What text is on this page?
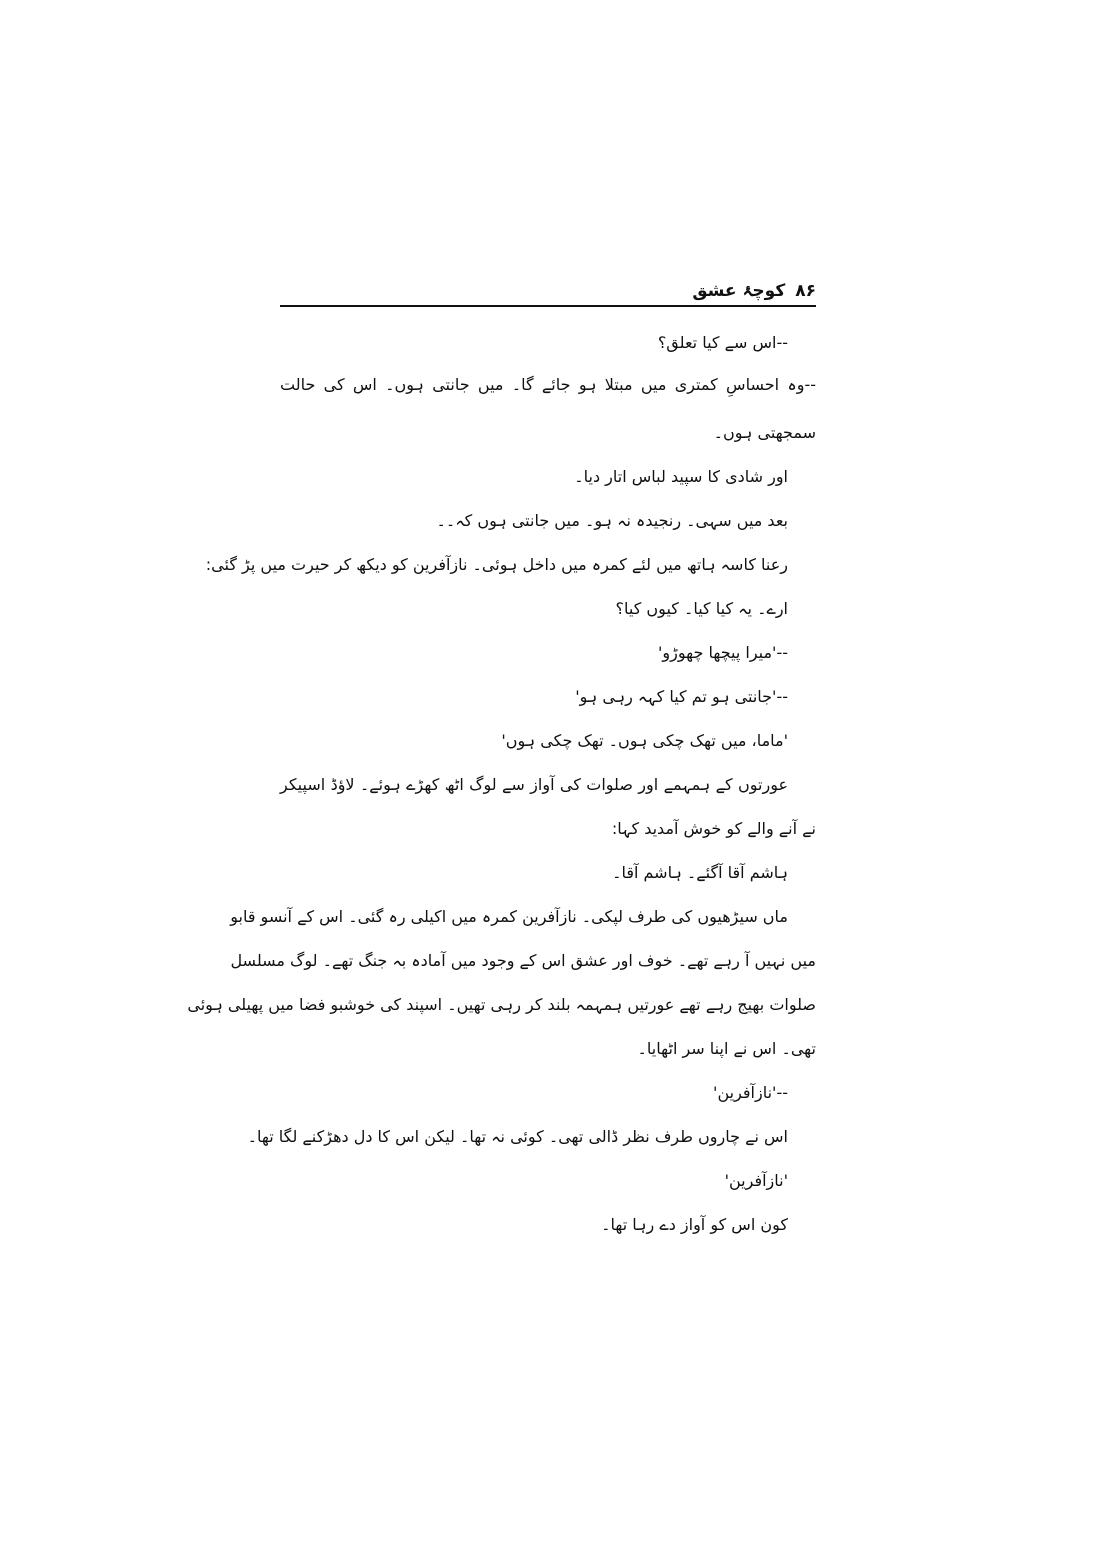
۸۶کوچۂ عشق
--اس سے کیا تعلق؟
--وہ احساسِ کمتری میں مبتلا ہو جائے گا۔ میں جانتی ہوں۔ اس کی حالت
سمجھتی ہوں۔
اور شادی کا سپید لباس اتار دیا۔
بعد میں سہی۔ رنجیدہ نہ ہو۔ میں جانتی ہوں کہ۔۔
رعنا کاسہ ہاتھ میں لئے کمرہ میں داخل ہوئی۔ نازآفرین کو دیکھ کر حیرت میں پڑ گئی:
ارے۔ یہ کیا کیا۔ کیوں کیا؟
--'میرا پیچھا چھوڑو'
--'جانتی ہو تم کیا کہہ رہی ہو'
'ماما، میں تھک چکی ہوں۔ تھک چکی ہوں'
عورتوں کے ہمہمے اور صلوات کی آواز سے لوگ اٹھ کھڑے ہوئے۔ لاؤڈ اسپیکر
نے آنے والے کو خوش آمدید کہا:
ہاشم آقا آگئے۔ ہاشم آقا۔
ماں سیڑھیوں کی طرف لپکی۔ نازآفرین کمرہ میں اکیلی رہ گئی۔ اس کے آنسو قابو
میں نہیں آ رہے تھے۔ خوف اور عشق اس کے وجود میں آمادہ بہ جنگ تھے۔ لوگ مسلسل
صلوات بھیج رہے تھے عورتیں ہمہمہ بلند کر رہی تھیں۔ اسپند کی خوشبو فضا میں پھیلی ہوئی
تھی۔ اس نے اپنا سر اٹھایا۔
--'نازآفرین'
اس نے چاروں طرف نظر ڈالی تھی۔ کوئی نہ تھا۔ لیکن اس کا دل دھڑکنے لگا تھا۔
'نازآفرین'
کون اس کو آواز دے رہا تھا۔
